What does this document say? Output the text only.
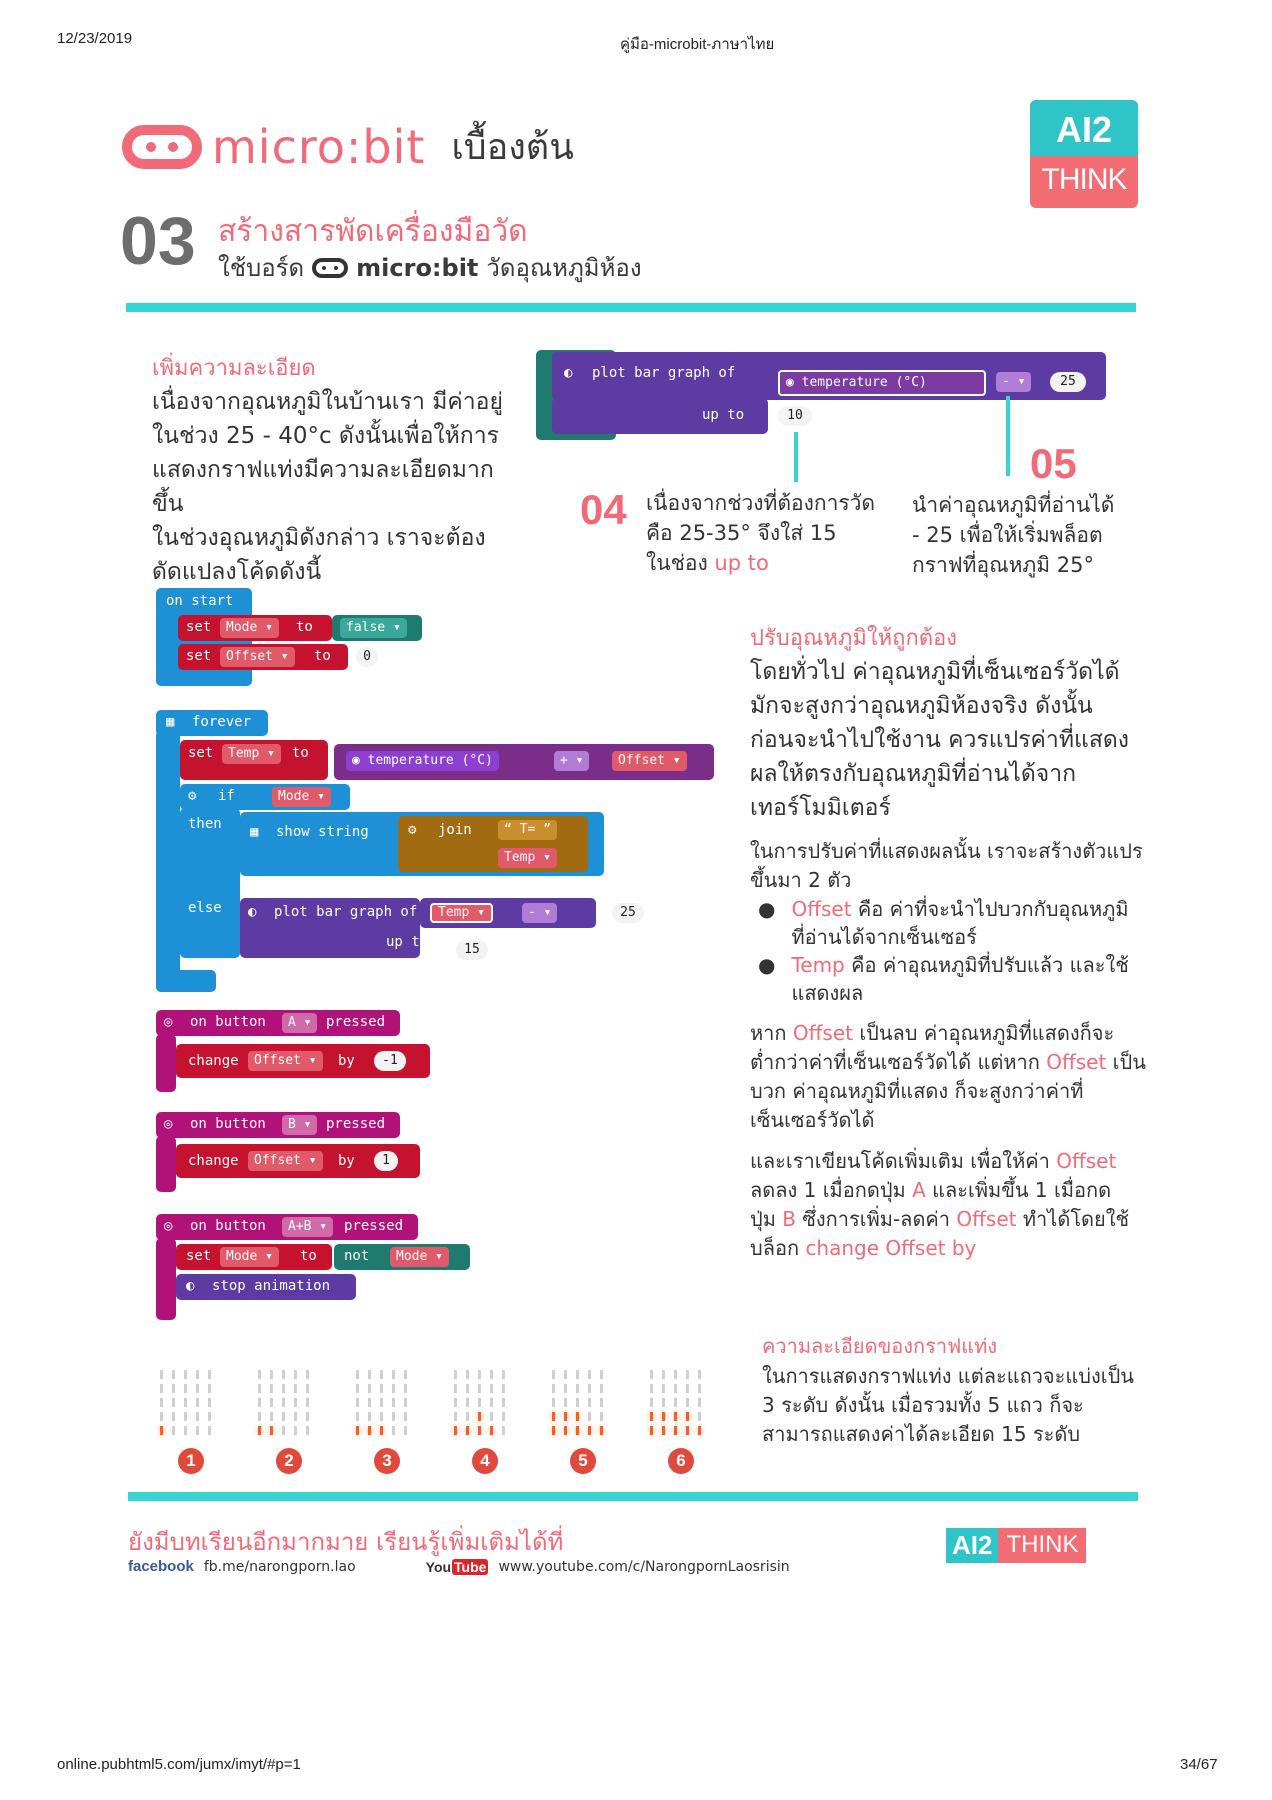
12/23/2019	คู่มือ-microbit-ภาษาไทย
micro:bit เบื้องต้น	AI2
THINK
03 สร้างสารพัดเครื่องมือวัด
ใช้บอร์ด micro:bit วัดอุณหภูมิห้อง
เพิ่มความละเอียด
เนื่องจากอุณหภูมิในบ้านเรา มีค่าอยู่
ในช่วง 25 - 40°c ดังนั้นเพื่อให้การ
แสดงกราฟแท่งมีความละเอียดมากขึ้น
ในช่วงอุณหภูมิดังกล่าว เราจะต้อง
ดัดแปลงโค้ดดังนี้
◐ plot bar graph of
up to
◉ temperature (°C)	- ▾	25
10
04 เนื่องจากช่วงที่ต้องการวัด
คือ 25-35° จึงใส่ 15
ในช่อง up to
05
นำค่าอุณหภูมิที่อ่านได้
- 25 เพื่อให้เริ่มพล็อต
กราฟที่อุณหภูมิ 25°
on start
set	Mode ▾	to	false ▾
set	Offset ▾	to	0
▦ forever
set	Temp ▾	to	◉ temperature (°C)	+ ▾	Offset ▾
⚙ if	Mode ▾
then
else
▦ show string	⚙ join	“ T= ”
Temp ▾
◐ plot bar graph of
up to
Temp ▾	- ▾	25
15
◎ on button	A ▾	pressed
change	Offset ▾	by	-1
◎ on button	B ▾	pressed
change	Offset ▾	by	1
◎ on button	A+B ▾	pressed
set	Mode ▾	to not	Mode ▾
◐ stop animation
ปรับอุณหภูมิให้ถูกต้อง
โดยทั่วไป ค่าอุณหภูมิที่เซ็นเซอร์วัดได้
มักจะสูงกว่าอุณหภูมิห้องจริง ดังนั้น
ก่อนจะนำไปใช้งาน ควรแปรค่าที่แสดง
ผลให้ตรงกับอุณหภูมิที่อ่านได้จาก
เทอร์โมมิเตอร์
ในการปรับค่าที่แสดงผลนั้น เราจะสร้างตัวแปร
ขึ้นมา 2 ตัว
● Offset คือ ค่าที่จะนำไปบวกกับอุณหภูมิ
ที่อ่านได้จากเซ็นเซอร์
● Temp คือ ค่าอุณหภูมิที่ปรับแล้ว และใช้
แสดงผล
หาก Offset เป็นลบ ค่าอุณหภูมิที่แสดงก็จะ
ต่ำกว่าค่าที่เซ็นเซอร์วัดได้ แต่หาก Offset เป็น
บวก ค่าอุณหภูมิที่แสดง ก็จะสูงกว่าค่าที่
เซ็นเซอร์วัดได้
และเราเขียนโค้ดเพิ่มเติม เพื่อให้ค่า Offset
ลดลง 1 เมื่อกดปุ่ม A และเพิ่มขึ้น 1 เมื่อกด
ปุ่ม B ซึ่งการเพิ่ม-ลดค่า Offset ทำได้โดยใช้
บล็อก change Offset by
ความละเอียดของกราฟแท่ง
ในการแสดงกราฟแท่ง แต่ละแถวจะแบ่งเป็น
3 ระดับ ดังนั้น เมื่อรวมทั้ง 5 แถว ก็จะ
สามารถแสดงค่าได้ละเอียด 15 ระดับ
1	2	3	4	5	6
ยังมีบทเรียนอีกมากมาย เรียนรู้เพิ่มเติมได้ที่
facebook fb.me/narongporn.lao	You Tube www.youtube.com/c/NarongpornLaosrisin
AI2 THINK
online.pubhtml5.com/jumx/imyt/#p=1	34/67
